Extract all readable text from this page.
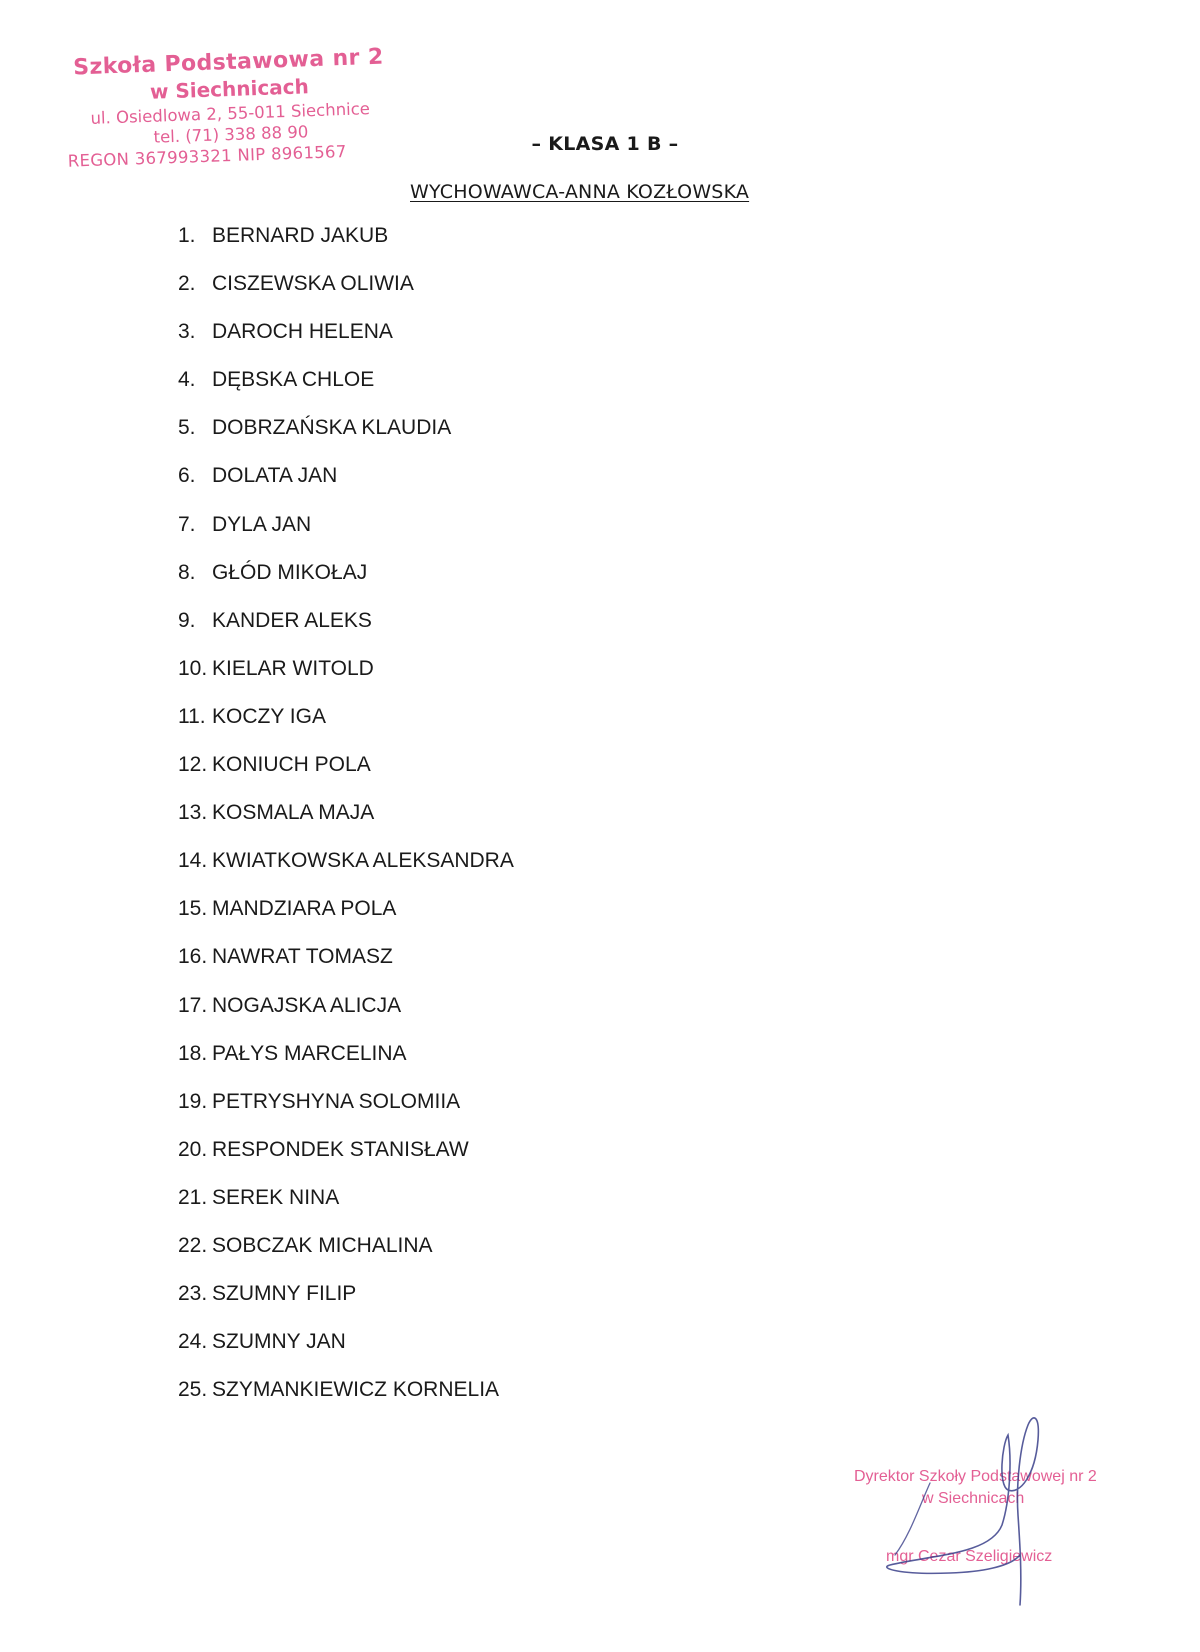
Szkoła Podstawowa nr 2
w Siechnicach
ul. Osiedlowa 2, 55-011 Siechnice
tel. (71) 338 88 90
REGON 367993321 NIP 8961567	– KLASA 1 B –
WYCHOWAWCA-ANNA KOZŁOWSKA
1. BERNARD JAKUB
2. CISZEWSKA OLIWIA
3. DAROCH HELENA
4. DĘBSKA CHLOE
5. DOBRZAŃSKA KLAUDIA
6. DOLATA JAN
7. DYLA JAN
8. GŁÓD MIKOŁAJ
9. KANDER ALEKS
10. KIELAR WITOLD
11. KOCZY IGA
12. KONIUCH POLA
13. KOSMALA MAJA
14. KWIATKOWSKA ALEKSANDRA
15. MANDZIARA POLA
16. NAWRAT TOMASZ
17. NOGAJSKA ALICJA
18. PAŁYS MARCELINA
19. PETRYSHYNA SOLOMIIA
20. RESPONDEK STANISŁAW
21. SEREK NINA
22. SOBCZAK MICHALINA
23. SZUMNY FILIP
24. SZUMNY JAN
25. SZYMANKIEWICZ KORNELIA
Dyrektor Szkoły Podstawowej nr 2
w Siechnicach
mgr Cezar Szeligiewicz
